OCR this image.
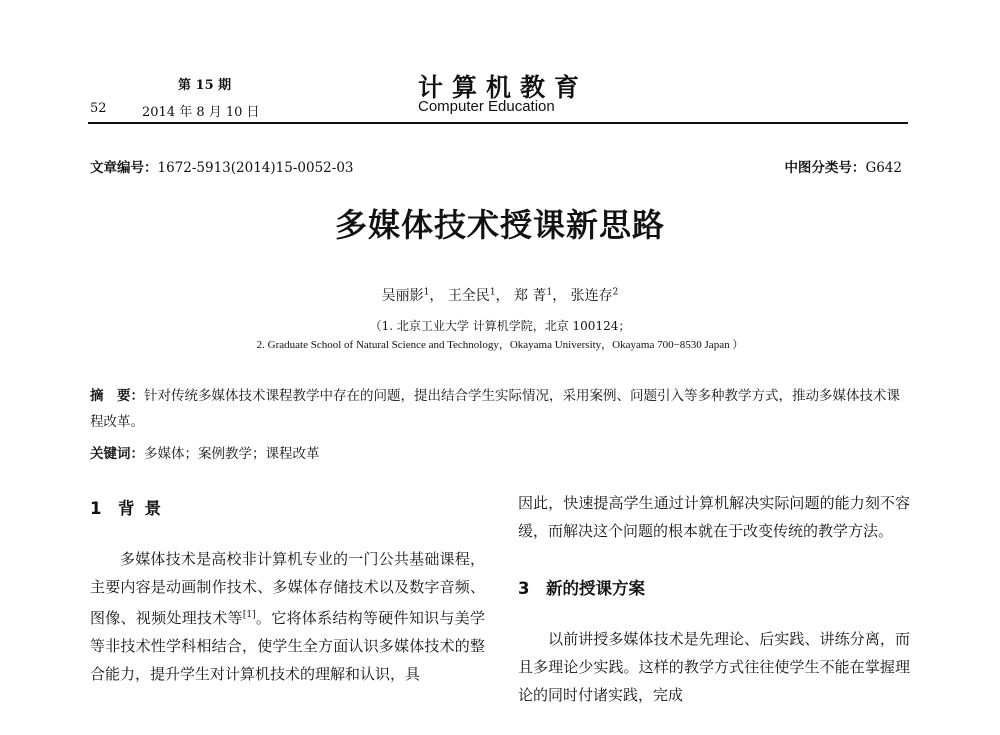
第 15 期
52	2014 年 8 月 10 日
计算机教育
Computer Education
文章编号：1672-5913(2014)15-0052-03	中图分类号：G642
多媒体技术授课新思路
吴丽影$^1$， 王全民$^1$， 郑 菁$^1$， 张连存$^2$
（1. 北京工业大学 计算机学院，北京 100124；
2. Graduate School of Natural Science and Technology，Okayama University，Okayama 700−8530 Japan ）
摘　要：针对传统多媒体技术课程教学中存在的问题，提出结合学生实际情况，采用案例、问题引入等多种教学方式，推动多媒体技术课程改革。
关键词：多媒体；案例教学；课程改革
1 背景

多媒体技术是高校非计算机专业的一门公共基础课程，主要内容是动画制作技术、多媒体存储技术以及数字音频、图像、视频处理技术等[1]。它将体系结构等硬件知识与美学等非技术性学科相结合，使学生全方面认识多媒体技术的整合能力，提升学生对计算机技术的理解和认识，具

因此，快速提高学生通过计算机解决实际问题的能力刻不容缓，而解决这个问题的根本就在于改变传统的教学方法。

3 新的授课方案

以前讲授多媒体技术是先理论、后实践、讲练分离，而且多理论少实践。这样的教学方式往往使学生不能在掌握理论的同时付诸实践，完成
